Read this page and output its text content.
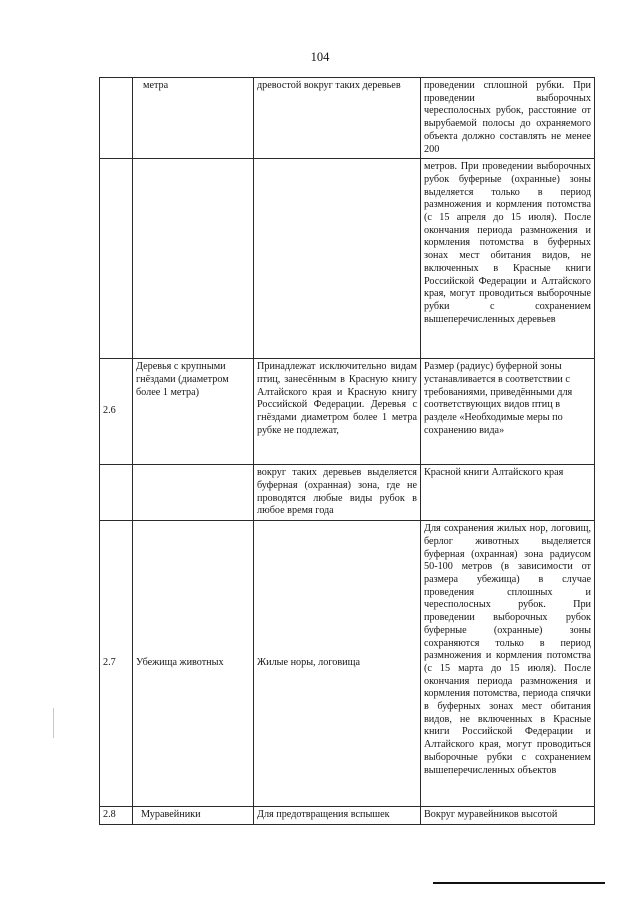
104
	метра	древостой вокруг таких деревьев	проведении сплошной рубки. При проведении выборочных чересполосных рубок, расстояние от вырубаемой полосы до охраняемого объекта должно составлять не менее 200
			метров. При проведении выборочных рубок буферные (охранные) зоны выделяется только в период размножения и кормления потомства (с 15 апреля до 15 июля). После окончания периода размножения и кормления потомства в буферных зонах мест обитания видов, не включенных в Красные книги Российской Федерации и Алтайского края, могут проводиться выборочные рубки с сохранением вышеперечисленных деревьев
2.6	Деревья с крупными гнёздами (диаметром более 1 метра)	Принадлежат исключительно видам птиц, занесённым в Красную книгу Алтайского края и Красную книгу Российской Федерации. Деревья с гнёздами диаметром более 1 метра рубке не подлежат,	Размер (радиус) буферной зоны устанавливается в соответствии с требованиями, приведёнными для соответствующих видов птиц в разделе «Необходимые меры по сохранению вида»
		вокруг таких деревьев выделяется буферная (охранная) зона, где не проводятся любые виды рубок в любое время года	Красной книги Алтайского края
2.7	Убежища животных	Жилые норы, логовища	Для сохранения жилых нор, логовищ, берлог животных выделяется буферная (охранная) зона радиусом 50-100 метров (в зависимости от размера убежища) в случае проведения сплошных и чересполосных рубок. При проведении выборочных рубок буферные (охранные) зоны сохраняются только в период размножения и кормления потомства (с 15 марта до 15 июля). После окончания периода размножения и кормления потомства, периода спячки в буферных зонах мест обитания видов, не включенных в Красные книги Российской Федерации и Алтайского края, могут проводиться выборочные рубки с сохранением вышеперечисленных объектов
2.8	Муравейники	Для предотвращения вспышек	Вокруг муравейников высотой
